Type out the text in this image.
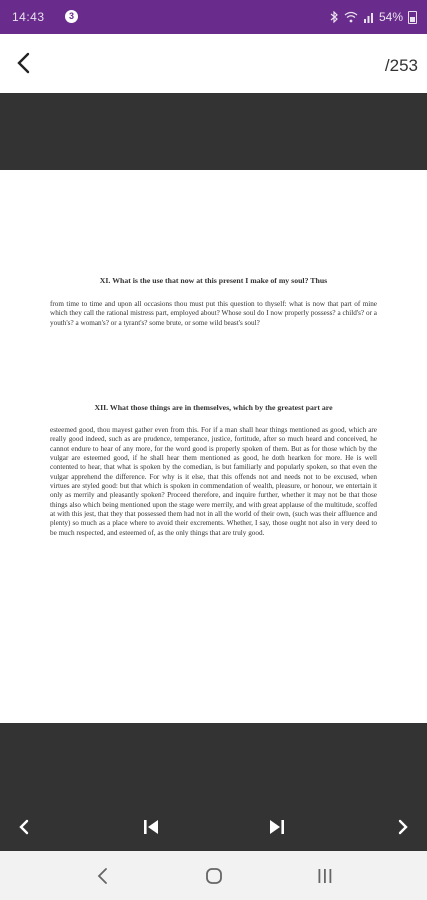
14:43	3	54%
/253
XI. What is the use that now at this present I make of my soul? Thus
from time to time and upon all occasions thou must put this question to thyself: what is now that part of mine which they call the rational mistress part, employed about? Whose soul do I now properly possess? a child's? or a youth's? a woman's? or a tyrant's? some brute, or some wild beast's soul?
XII. What those things are in themselves, which by the greatest part are
esteemed good, thou mayest gather even from this. For if a man shall hear things mentioned as good, which are really good indeed, such as are prudence, temperance, justice, fortitude, after so much heard and conceived, he cannot endure to hear of any more, for the word good is properly spoken of them. But as for those which by the vulgar are esteemed good, if he shall hear them mentioned as good, he doth hearken for more. He is well contented to hear, that what is spoken by the comedian, is but familiarly and popularly spoken, so that even the vulgar apprehend the difference. For why is it else, that this offends not and needs not to be excused, when virtues are styled good: but that which is spoken in commendation of wealth, pleasure, or honour, we entertain it only as merrily and pleasantly spoken? Proceed therefore, and inquire further, whether it may not be that those things also which being mentioned upon the stage were merrily, and with great applause of the multitude, scoffed at with this jest, that they that possessed them had not in all the world of their own, (such was their affluence and plenty) so much as a place where to avoid their excrements. Whether, I say, those ought not also in very deed to be much respected, and esteemed of, as the only things that are truly good.
